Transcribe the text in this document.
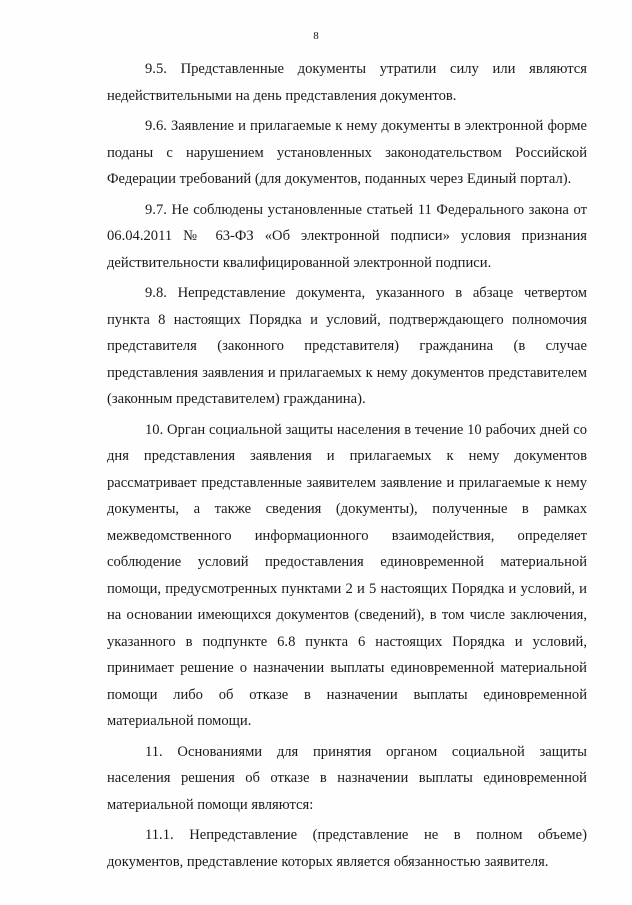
8

9.5. Представленные документы утратили силу или являются недействительными на день представления документов.

9.6. Заявление и прилагаемые к нему документы в электронной форме поданы с нарушением установленных законодательством Российской Федерации требований (для документов, поданных через Единый портал).

9.7. Не соблюдены установленные статьей 11 Федерального закона от 06.04.2011 № 63-ФЗ «Об электронной подписи» условия признания действительности квалифицированной электронной подписи.

9.8. Непредставление документа, указанного в абзаце четвертом пункта 8 настоящих Порядка и условий, подтверждающего полномочия представителя (законного представителя) гражданина (в случае представления заявления и прилагаемых к нему документов представителем (законным представителем) гражданина).

10. Орган социальной защиты населения в течение 10 рабочих дней со дня представления заявления и прилагаемых к нему документов рассматривает представленные заявителем заявление и прилагаемые к нему документы, а также сведения (документы), полученные в рамках межведомственного информационного взаимодействия, определяет соблюдение условий предоставления единовременной материальной помощи, предусмотренных пунктами 2 и 5 настоящих Порядка и условий, и на основании имеющихся документов (сведений), в том числе заключения, указанного в подпункте 6.8 пункта 6 настоящих Порядка и условий, принимает решение о назначении выплаты единовременной материальной помощи либо об отказе в назначении выплаты единовременной материальной помощи.

11. Основаниями для принятия органом социальной защиты населения решения об отказе в назначении выплаты единовременной материальной помощи являются:

11.1. Непредставление (представление не в полном объеме) документов, представление которых является обязанностью заявителя.
